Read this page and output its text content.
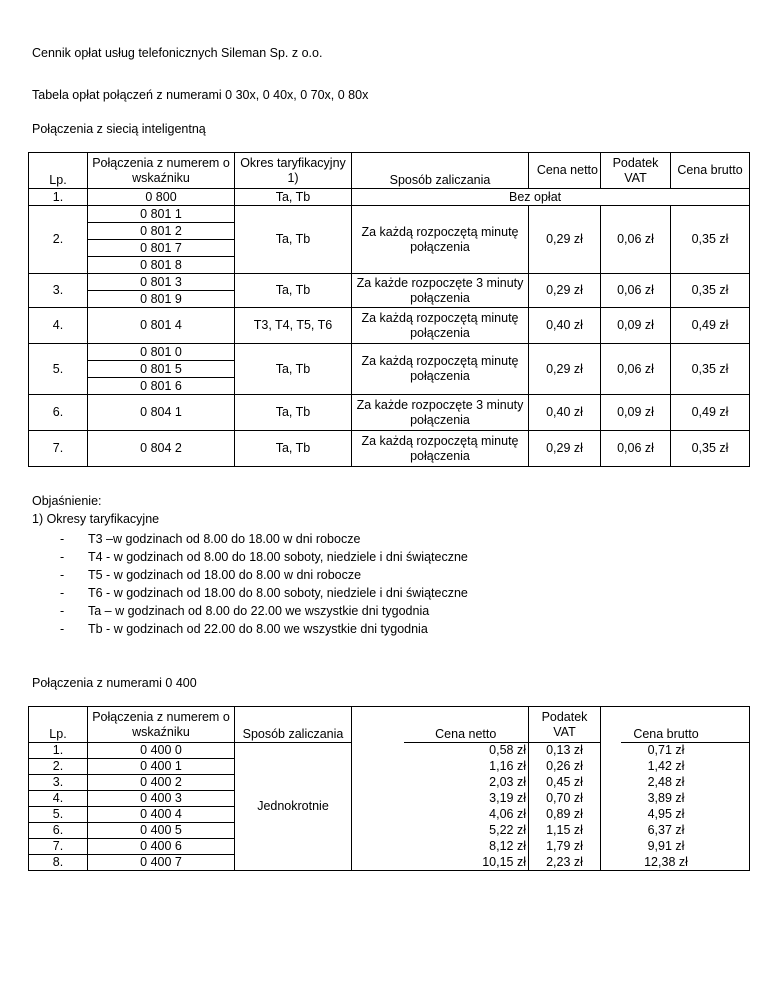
Cennik opłat usług telefonicznych Sileman Sp. z o.o.
Tabela opłat połączeń z numerami 0 30x, 0 40x, 0 70x, 0 80x
Połączenia z siecią inteligentną
Lp.	Połączenia z numerem o wskaźniku	Okres taryfikacyjny 1)	Sposób zaliczania	Cena netto	Podatek VAT	Cena brutto
1.	0 800	Ta, Tb	Bez opłat			
2.	0 801 1	Ta, Tb	Za każdą rozpoczętą minutę połączenia	0,29 zł	0,06 zł	0,35 zł
	0 801 2					
	0 801 7					
	0 801 8					
3.	0 801 3	Ta, Tb	Za każde rozpoczęte 3 minuty połączenia	0,29 zł	0,06 zł	0,35 zł
	0 801 9					
4.	0 801 4	T3, T4, T5, T6	Za każdą rozpoczętą minutę połączenia	0,40 zł	0,09 zł	0,49 zł
5.	0 801 0	Ta, Tb	Za każdą rozpoczętą minutę połączenia	0,29 zł	0,06 zł	0,35 zł
	0 801 5					
	0 801 6					
6.	0 804 1	Ta, Tb	Za każde rozpoczęte 3 minuty połączenia	0,40 zł	0,09 zł	0,49 zł
7.	0 804 2	Ta, Tb	Za każdą rozpoczętą minutę połączenia	0,29 zł	0,06 zł	0,35 zł
Objaśnienie:
1) Okresy taryfikacyjne
- T3 –w godzinach od 8.00 do 18.00 w dni robocze
- T4 - w godzinach od 8.00 do 18.00 soboty, niedziele i dni świąteczne
- T5 - w godzinach od 18.00 do 8.00 w dni robocze
- T6 - w godzinach od 18.00 do 8.00 soboty, niedziele i dni świąteczne
- Ta – w godzinach od 8.00 do 22.00 we wszystkie dni tygodnia
- Tb - w godzinach od 22.00 do 8.00 we wszystkie dni tygodnia
Połączenia z numerami 0 400
Lp.	Połączenia z numerem o wskaźniku	Sposób zaliczania		Cena netto	Podatek VAT		Cena brutto	
1.	0 400 0	Jednokrotnie		0,58 zł	0,13 zł		0,71 zł	
2.	0 400 1			1,16 zł	0,26 zł		1,42 zł	
3.	0 400 2			2,03 zł	0,45 zł		2,48 zł	
4.	0 400 3			3,19 zł	0,70 zł		3,89 zł	
5.	0 400 4			4,06 zł	0,89 zł		4,95 zł	
6.	0 400 5			5,22 zł	1,15 zł		6,37 zł	
7.	0 400 6			8,12 zł	1,79 zł		9,91 zł	
8.	0 400 7			10,15 zł	2,23 zł		12,38 zł	
